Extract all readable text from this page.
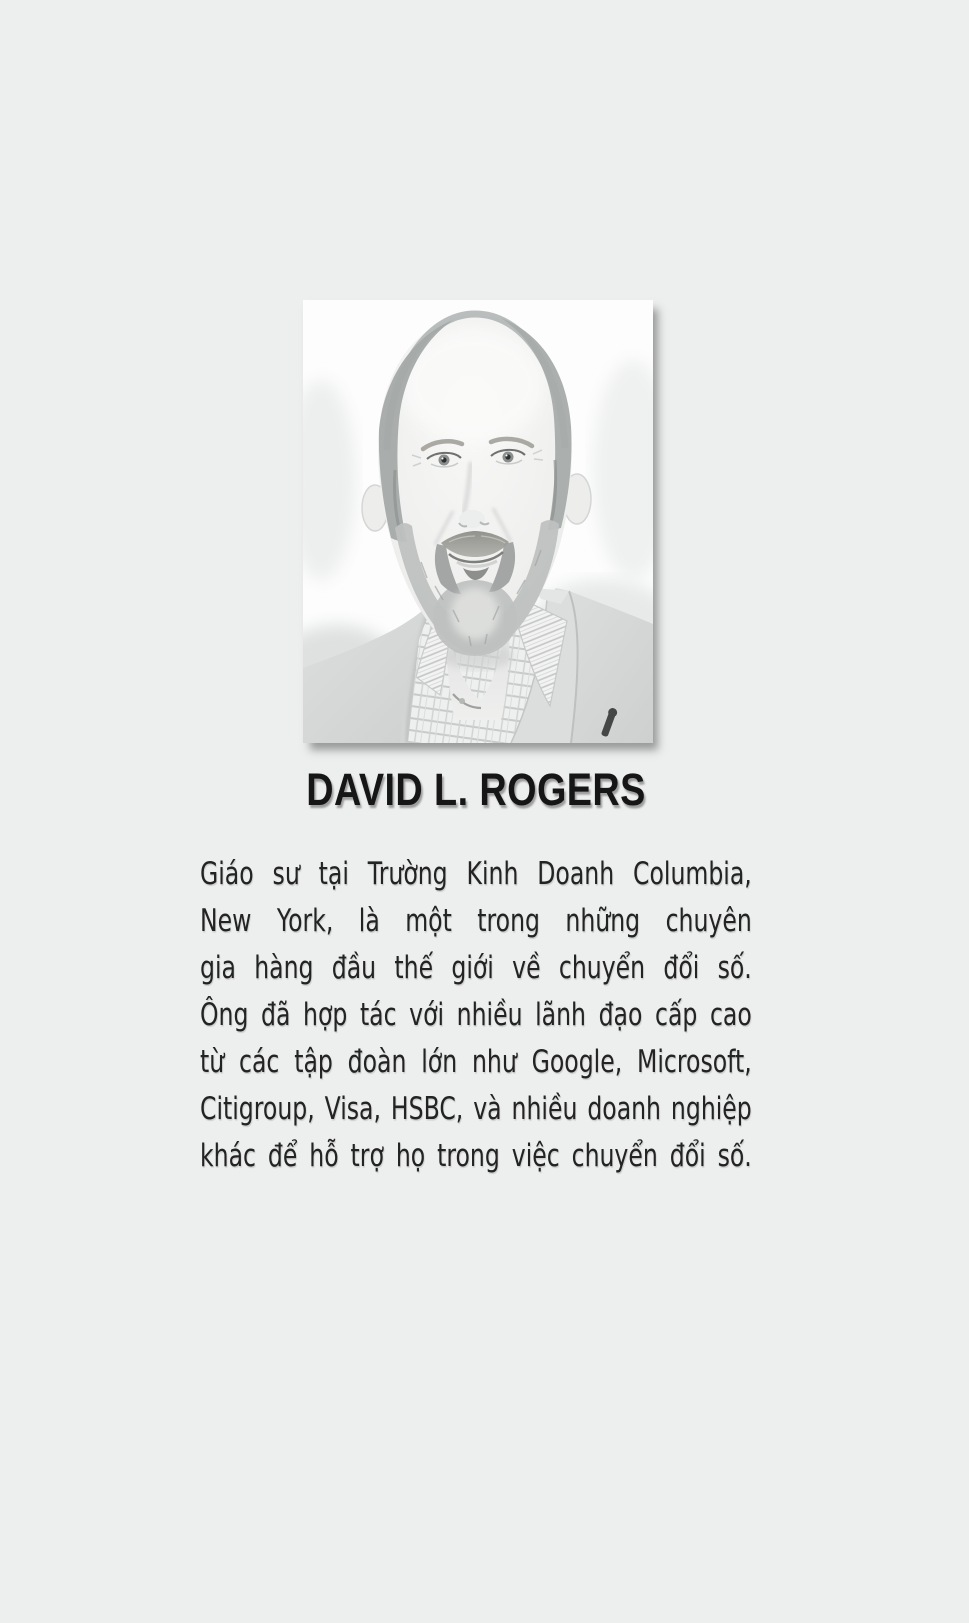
DAVID L. ROGERS
Giáo sư tại Trường Kinh Doanh Columbia,
New York, là một trong những chuyên
gia hàng đầu thế giới về chuyển đổi số.
Ông đã hợp tác với nhiều lãnh đạo cấp cao
từ các tập đoàn lớn như Google, Microsoft,
Citigroup, Visa, HSBC, và nhiều doanh nghiệp
khác để hỗ trợ họ trong việc chuyển đổi số.
